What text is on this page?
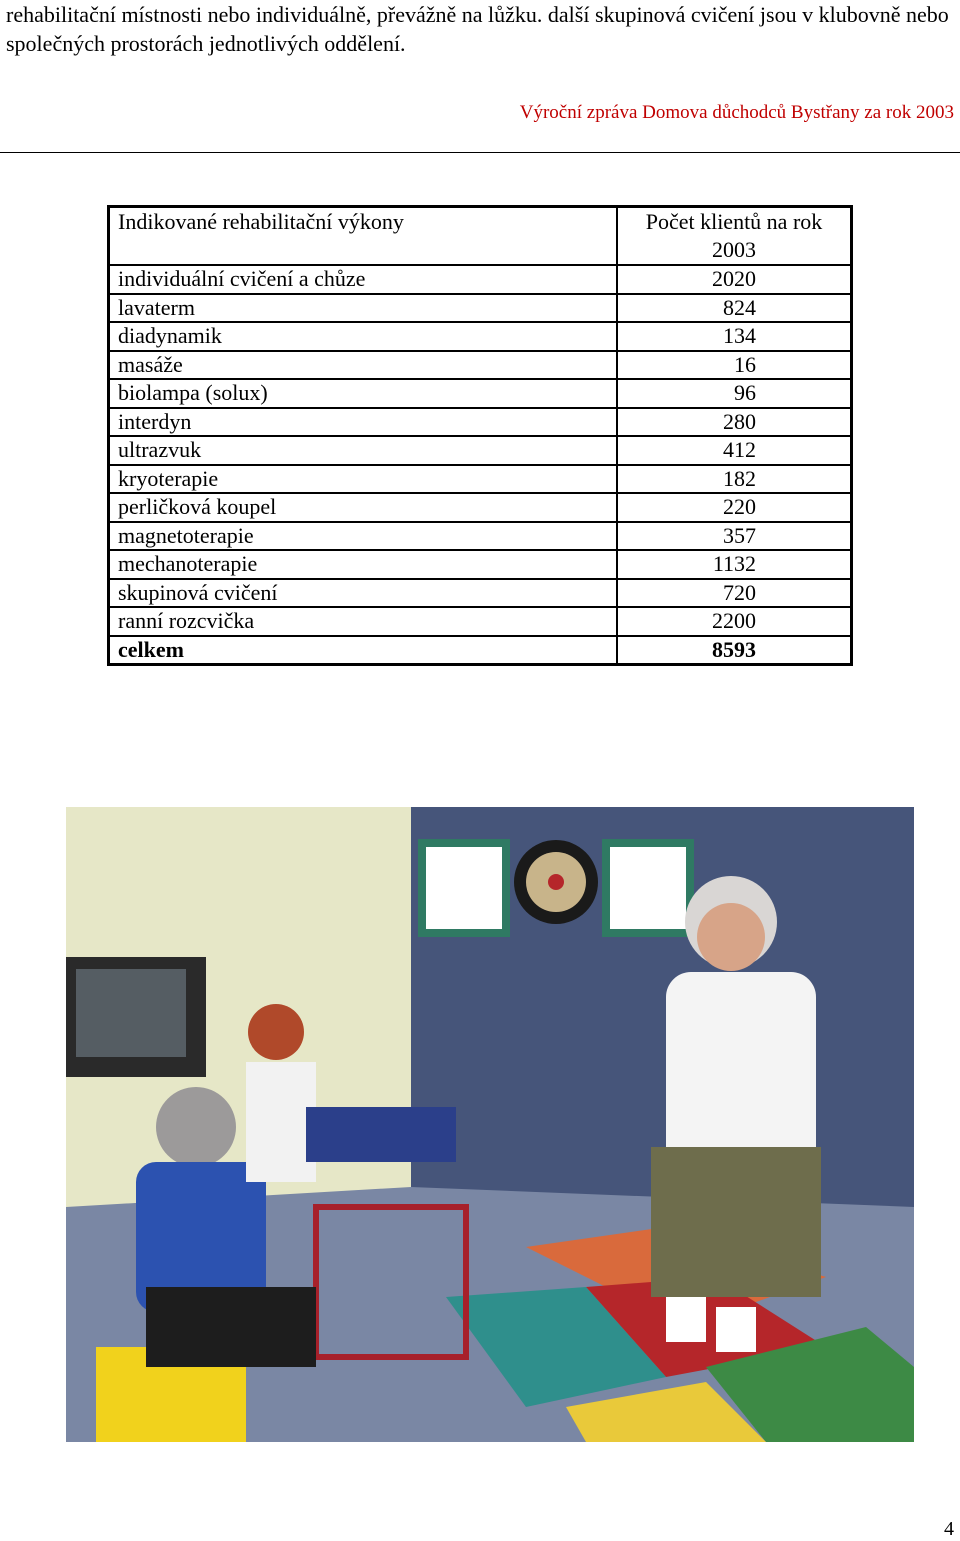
rehabilitační místnosti nebo individuálně, převážně na lůžku. další skupinová cvičení jsou v klubovně nebo společných prostorách jednotlivých oddělení.
Výroční zpráva Domova důchodců Bystřany za rok 2003
Indikované rehabilitační výkony	Počet klientů na rok 2003
individuální cvičení a chůze	2020
lavaterm	824
diadynamik	134
masáže	16
biolampa (solux)	96
interdyn	280
ultrazvuk	412
kryoterapie	182
perličková koupel	220
magnetoterapie	357
mechanoterapie	1132
skupinová cvičení	720
ranní rozcvička	2200
celkem	8593
4
